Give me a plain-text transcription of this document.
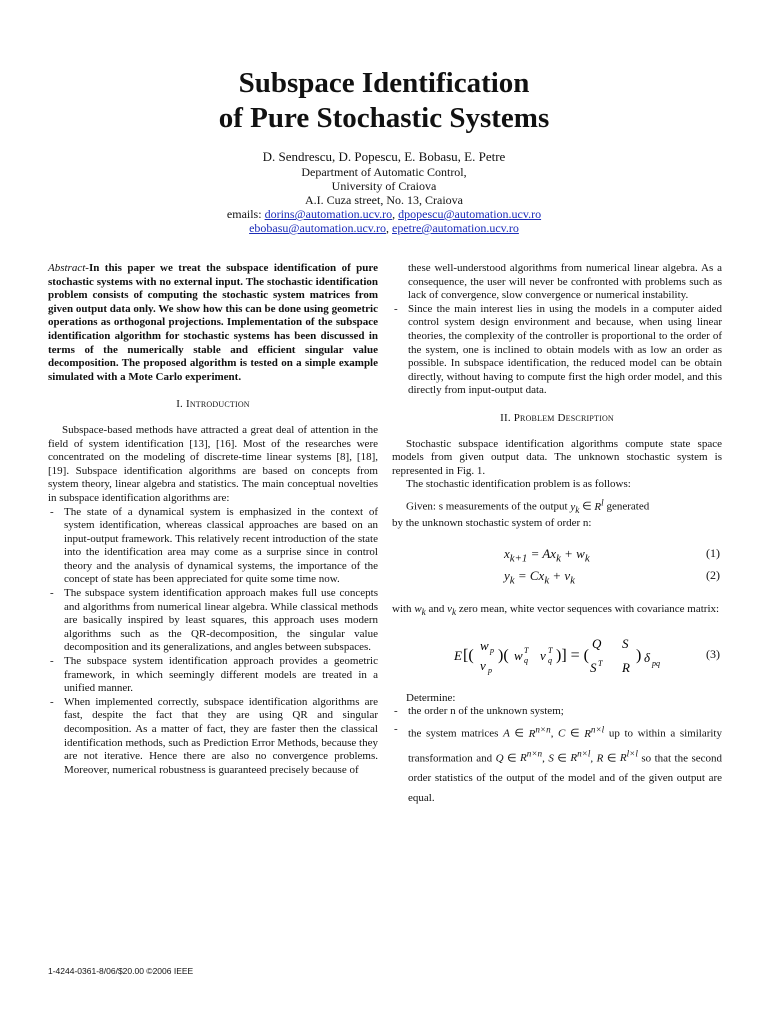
Subspace Identification
of Pure Stochastic Systems
D. Sendrescu, D. Popescu, E. Bobasu, E. Petre
Department of Automatic Control,
University of Craiova
A.I. Cuza street, No. 13, Craiova
emails: dorins@automation.ucv.ro, dpopescu@automation.ucv.ro
ebobasu@automation.ucv.ro, epetre@automation.ucv.ro

Abstract-In this paper we treat the subspace identification of pure stochastic systems with no external input. The stochastic identification problem consists of computing the stochastic system matrices from given output data only. We show how this can be done using geometric operations as orthogonal projections. Implementation of the subspace identification algorithm for stochastic systems has been discussed in terms of the numerically stable and efficient singular value decomposition. The proposed algorithm is tested on a simple example simulated with a Mote Carlo experiment.

I. Introduction

Subspace-based methods have attracted a great deal of attention in the field of system identification [13], [16]. Most of the researches were concentrated on the modeling of discrete-time linear systems [8], [18], [19]. Subspace identification algorithms are based on concepts from system theory, linear algebra and statistics. The main conceptual novelties in subspace identification algorithms are:

- The state of a dynamical system is emphasized in the context of system identification, whereas classical approaches are based on an input-output framework. This relatively recent introduction of the state into the identification area may come as a surprise since in control theory and the analysis of dynamical systems, the importance of the concept of state has been appreciated for quite some time now.
- The subspace system identification approach makes full use concepts and algorithms from numerical linear algebra. While classical methods are basically inspired by least squares, this approach uses modern algorithms such as the QR-decomposition, the singular value decomposition and its generalizations, and angles between subspaces.
- The subspace system identification approach provides a geometric framework, in which seemingly different models are treated in a unified manner.
- When implemented correctly, subspace identification algorithms are fast, despite the fact that they are using QR and singular decomposition. As a matter of fact, they are faster then the classical identification methods, such as Prediction Error Methods, because they are not iterative. Hence there are also no convergence problems. Moreover, numerical robustness is guaranteed precisely because of

these well-understood algorithms from numerical linear algebra. As a consequence, the user will never be confronted with problems such as lack of convergence, slow convergence or numerical instability.

- Since the main interest lies in using the models in a computer aided control system design environment and because, when using linear theories, the complexity of the controller is proportional to the order of the system, one is inclined to obtain models with as low an order as possible. In subspace identification, the reduced model can be obtain directly, without having to compute first the high order model, and this directly from input-output data.
II. Problem Description

Stochastic subspace identification algorithms compute state space models from given output data. The unknown stochastic system is represented in Fig. 1.

The stochastic identification problem is as follows:

Given: s measurements of the output $y_k$ ∈ $R^l$ generated

by the unknown stochastic system of order n:

$x_{k+1} = Ax_k + w_k$	(1)
$y_k = Cx_k + v_k$	(2)

with $w_k$ and $v_k$ zero mean, white vector sequences with covariance matrix:

E [(
w p
v p
)( w T
q v T
q )] = (
Q S
S T R
) δ pq
(3)

Determine:

- the order n of the unknown system;
- the system matrices A ∈ $R^{n\times n}$, C ∈ $R^{n\times l}$ up to within a similarity transformation and Q ∈ $R^{n\times n}$, S ∈ $R^{n\times l}$, R ∈ $R^{l\times l}$ so that the second order statistics of the output of the model and of the given output are equal.
1-4244-0361-8/06/$20.00 ©2006 IEEE
